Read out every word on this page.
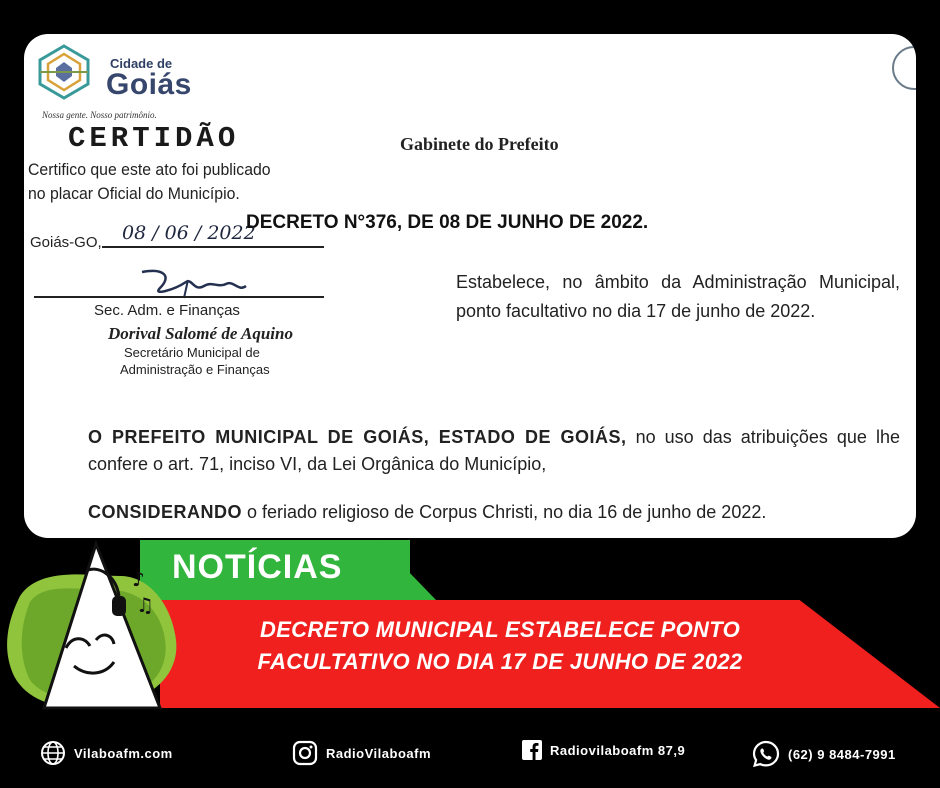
Cidade de
Goiás
Nossa gente. Nosso patrimônio.
CERTIDÃO
Certifico que este ato foi publicado
no placar Oficial do Município.
Goiás-GO, 08 / 06 / 2022
Sec. Adm. e Finanças
Dorival Salomé de Aquino
Secretário Municipal de
Administração e Finanças
Gabinete do Prefeito
DECRETO N°376, DE 08 DE JUNHO DE 2022.
Estabelece, no âmbito da Administração Municipal, ponto facultativo no dia 17 de junho de 2022.
O PREFEITO MUNICIPAL DE GOIÁS, ESTADO DE GOIÁS, no uso das atribuições que lhe confere o art. 71, inciso VI, da Lei Orgânica do Município,
CONSIDERANDO o feriado religioso de Corpus Christi, no dia 16 de junho de 2022.
NOTÍCIAS
DECRETO MUNICIPAL ESTABELECE PONTO
FACULTATIVO NO DIA 17 DE JUNHO DE 2022
♪
♫
Vilaboafm.com	RadioVilaboafm	Radiovilaboafm 87,9	(62) 9 8484-7991
